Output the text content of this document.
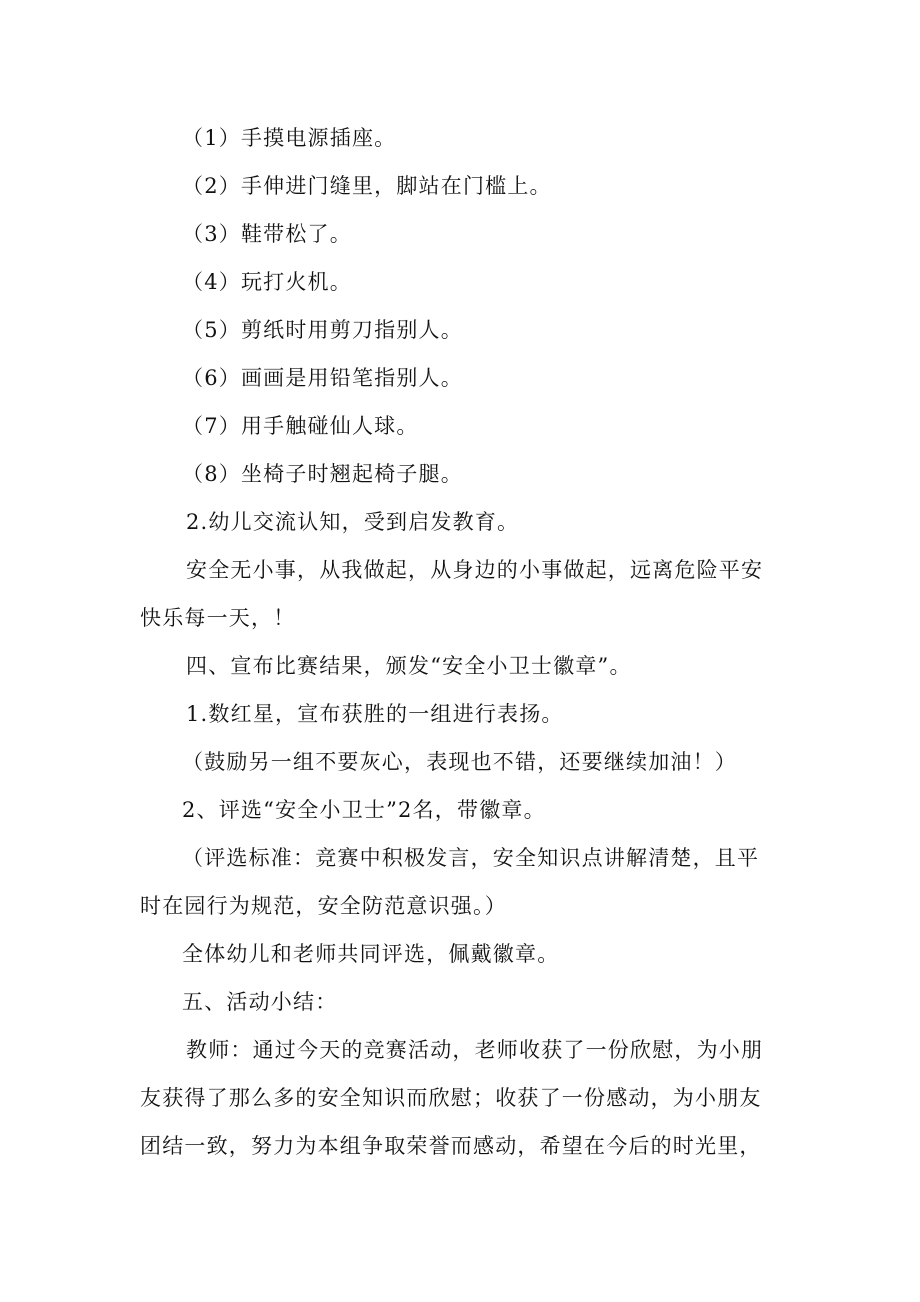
（1）手摸电源插座。
（2）手伸进门缝里，脚站在门槛上。
（3）鞋带松了。
（4）玩打火机。
（5）剪纸时用剪刀指别人。
（6）画画是用铅笔指别人。
（7）用手触碰仙人球。
（8）坐椅子时翘起椅子腿。
2.幼儿交流认知，受到启发教育。
安全无小事，从我做起，从身边的小事做起，远离危险平安
快乐每一天，！
四、宣布比赛结果，颁发“安全小卫士徽章”。
1.数红星，宣布获胜的一组进行表扬。
（鼓励另一组不要灰心，表现也不错，还要继续加油！）
2、评选“安全小卫士”2名，带徽章。
（评选标准：竞赛中积极发言，安全知识点讲解清楚，且平
时在园行为规范，安全防范意识强。）
全体幼儿和老师共同评选，佩戴徽章。
五、活动小结：
教师：通过今天的竞赛活动，老师收获了一份欣慰，为小朋
友获得了那么多的安全知识而欣慰；收获了一份感动，为小朋友
团结一致，努力为本组争取荣誉而感动，希望在今后的时光里，
